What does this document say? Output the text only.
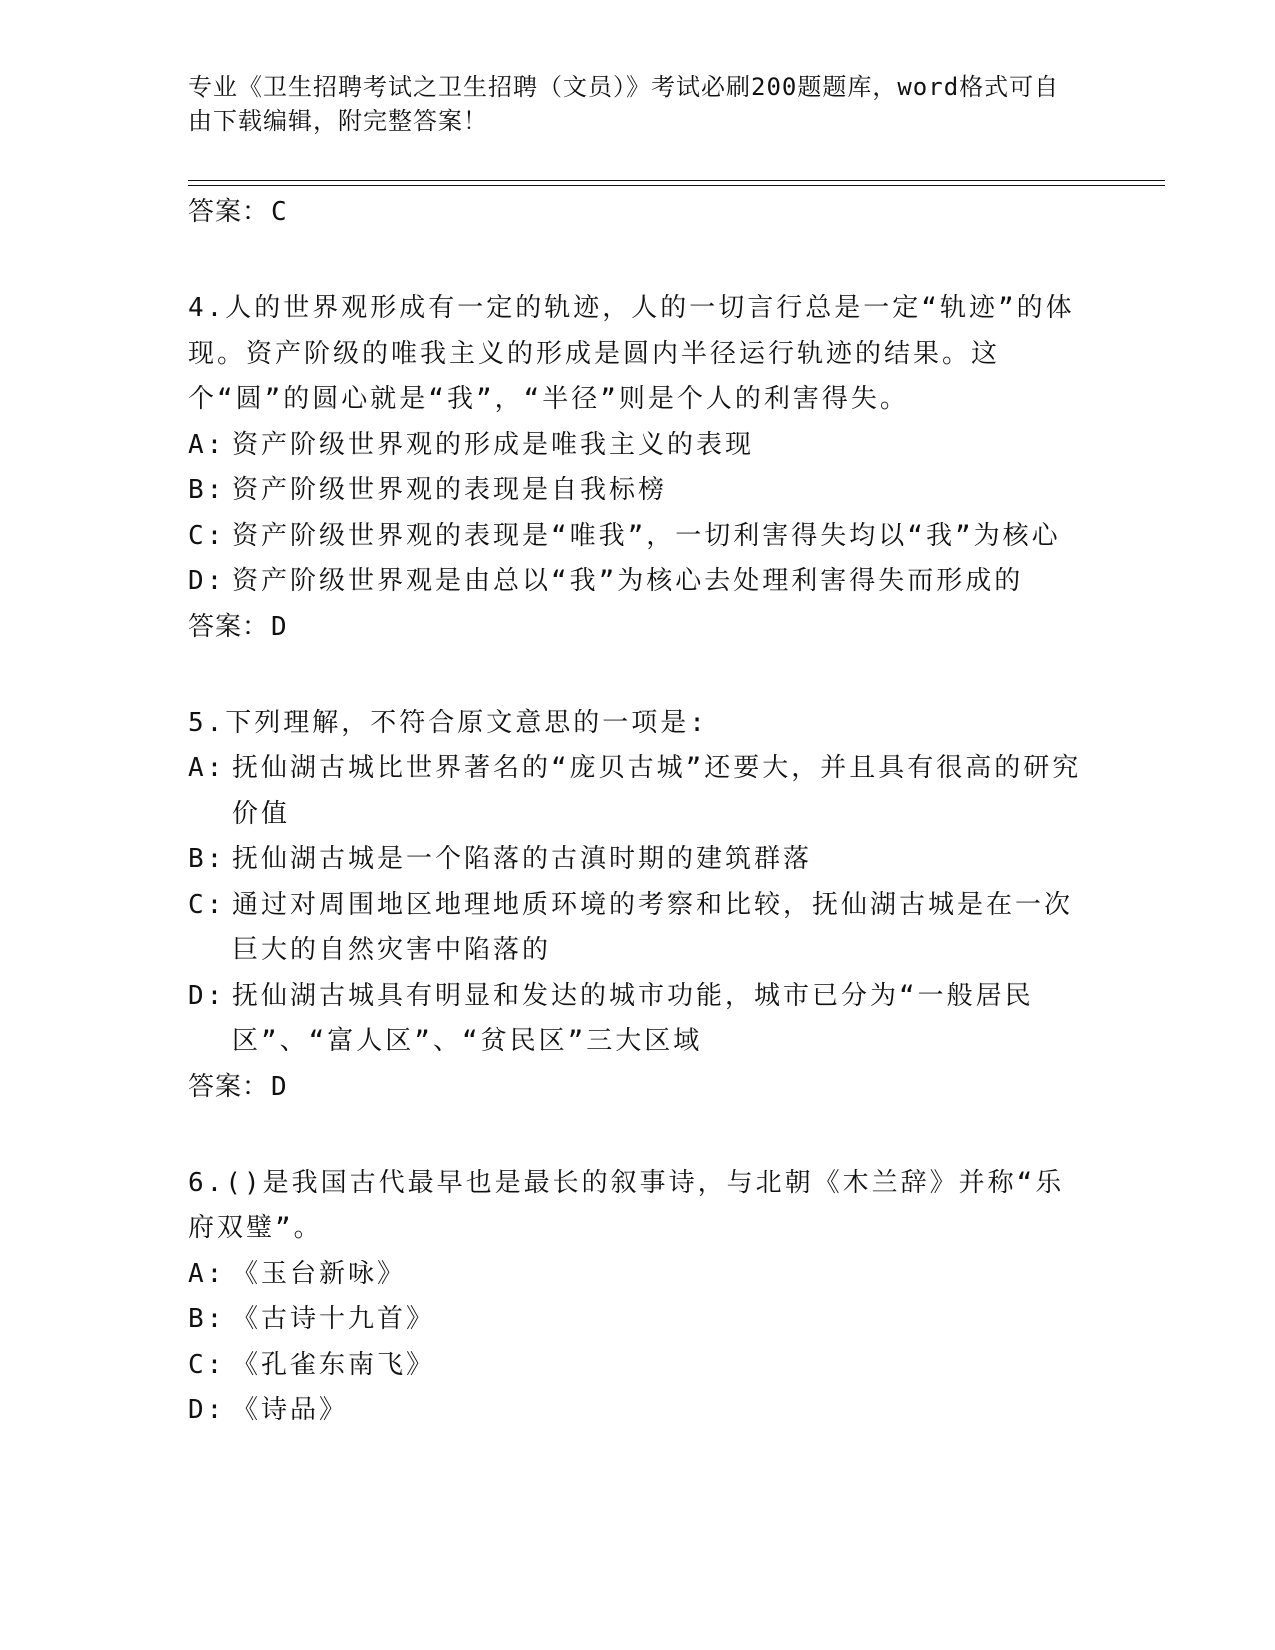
专业《卫生招聘考试之卫生招聘（文员）》考试必刷200题题库，word格式可自由下载编辑，附完整答案！
答案： C

4.人的世界观形成有一定的轨迹，人的一切言行总是一定“轨迹”的体现。资产阶级的唯我主义的形成是圆内半径运行轨迹的结果。这个“圆”的圆心就是“我”，“半径”则是个人的利害得失。

A: 资产阶级世界观的形成是唯我主义的表现
B: 资产阶级世界观的表现是自我标榜
C: 资产阶级世界观的表现是“唯我”，一切利害得失均以“我”为核心
D: 资产阶级世界观是由总以“我”为核心去处理利害得失而形成的
答案： D

5.下列理解，不符合原文意思的一项是:

A: 抚仙湖古城比世界著名的“庞贝古城”还要大，并且具有很高的研究价值
B: 抚仙湖古城是一个陷落的古滇时期的建筑群落
C: 通过对周围地区地理地质环境的考察和比较，抚仙湖古城是在一次巨大的自然灾害中陷落的
D: 抚仙湖古城具有明显和发达的城市功能，城市已分为“一般居民区”、“富人区”、“贫民区”三大区域
答案： D

6.()是我国古代最早也是最长的叙事诗，与北朝《木兰辞》并称“乐府双璧”。

A: 《玉台新咏》
B: 《古诗十九首》
C: 《孔雀东南飞》
D: 《诗品》
